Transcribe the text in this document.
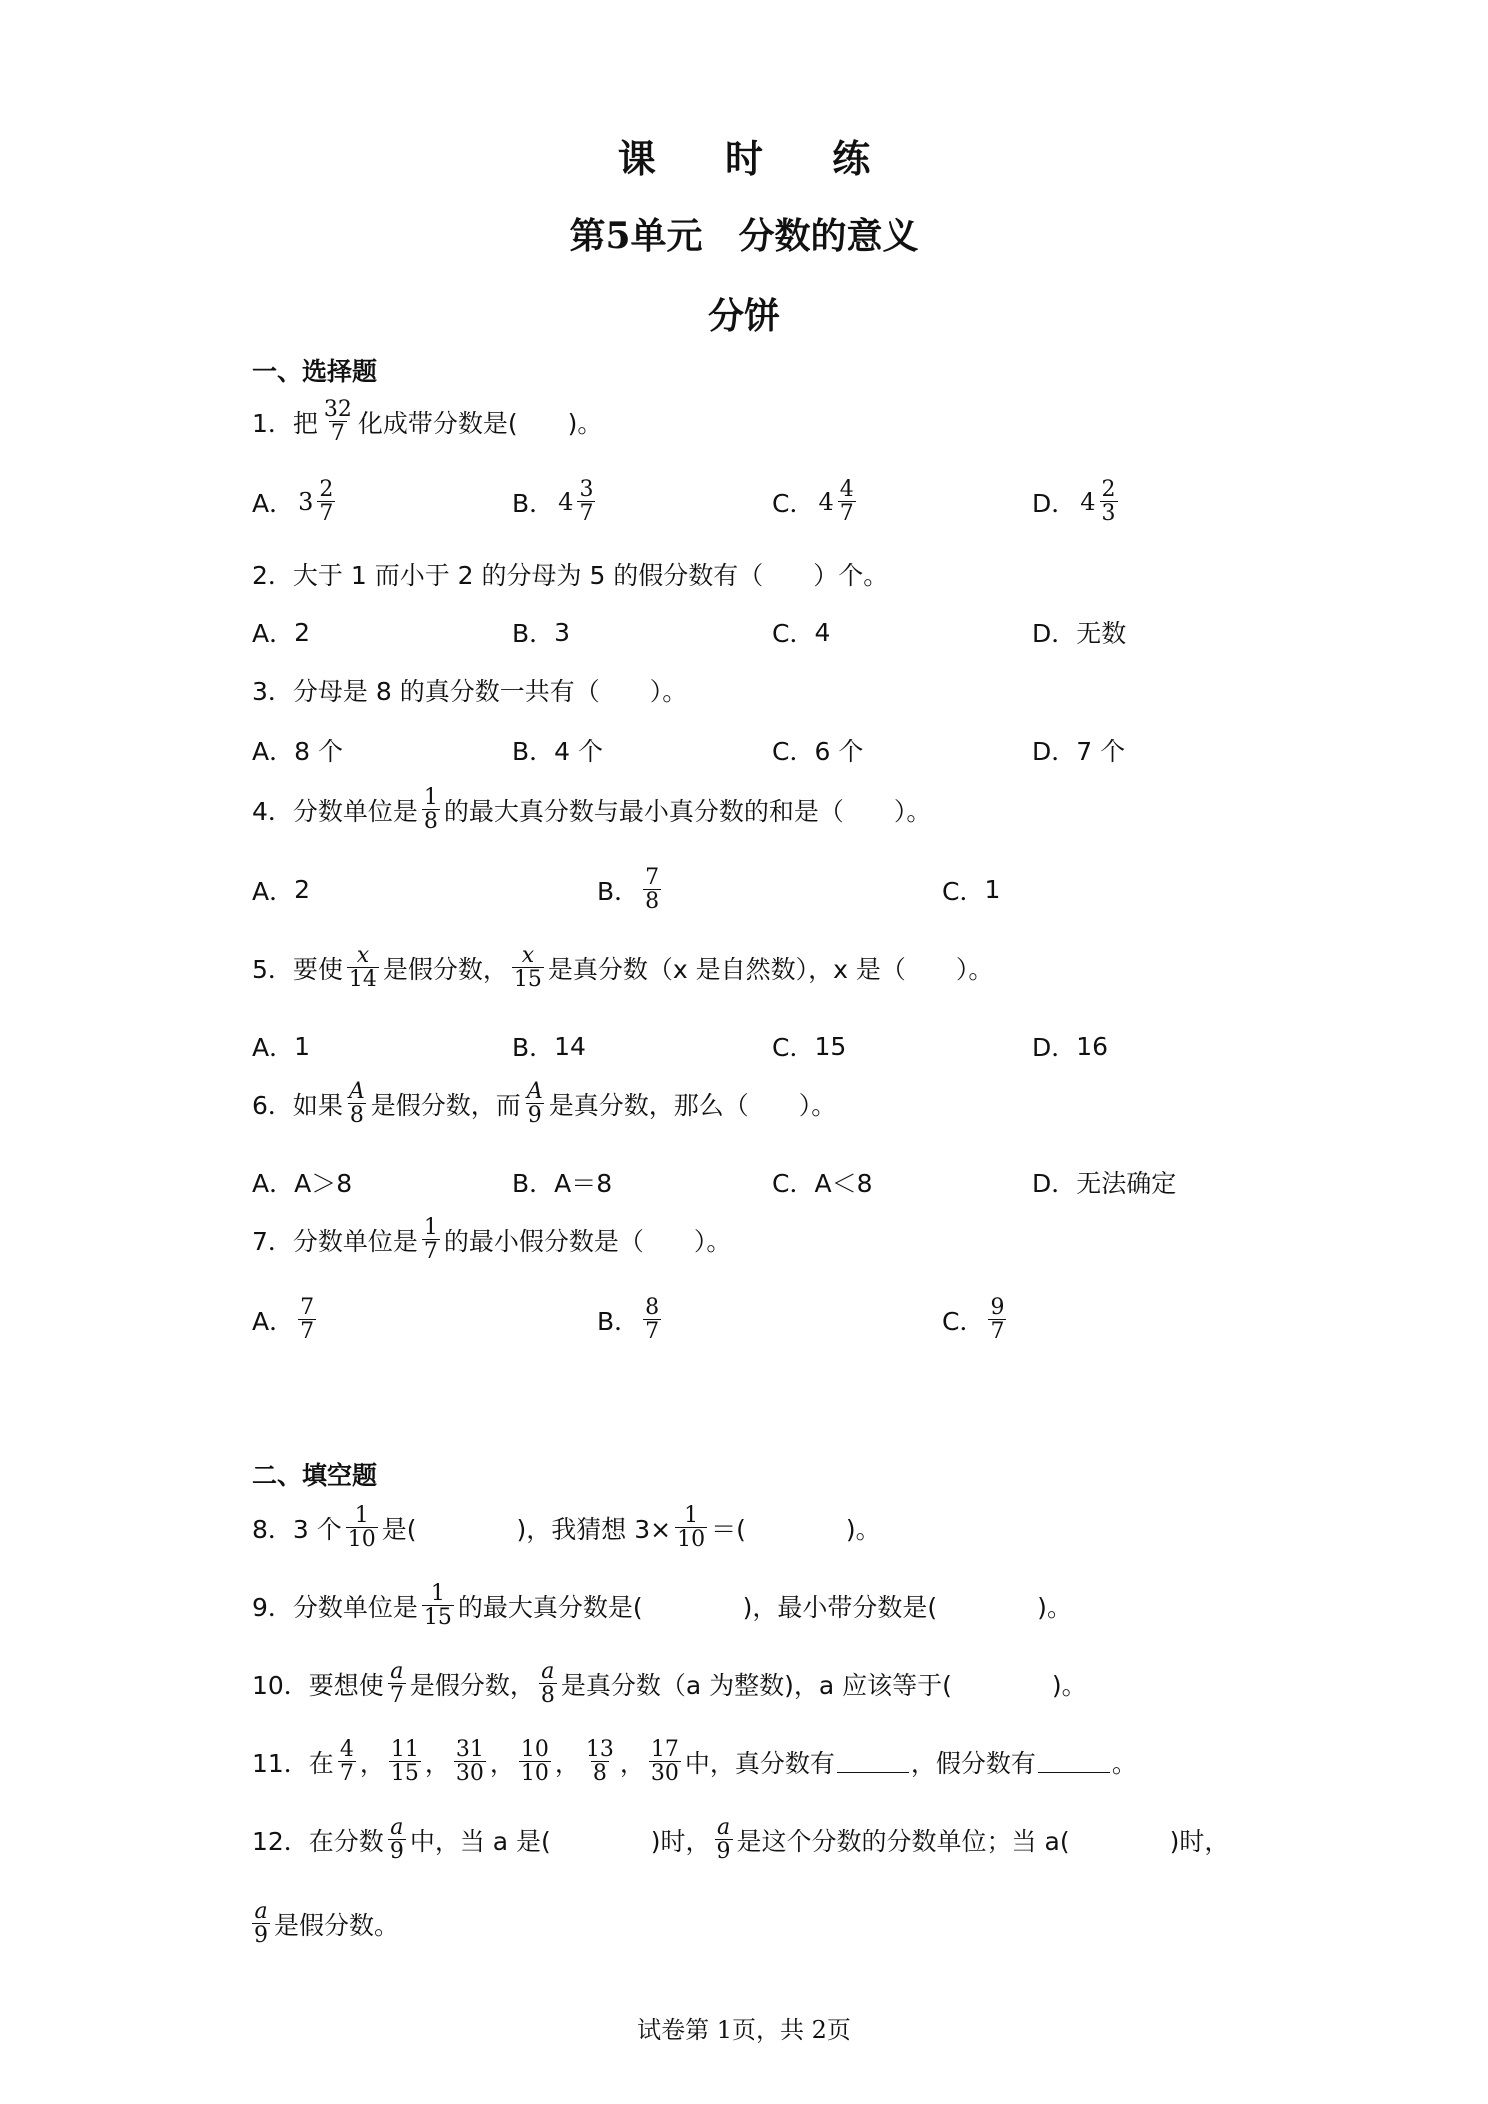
课 时 练
第5单元　分数的意义
分饼
一、选择题
1．把 $\frac{32}{7}$ 化成带分数是(　　)。
A． $3 \frac{2}{7}$	B． $4 \frac{3}{7}$	C． $4 \frac{4}{7}$	D． $4 \frac{2}{3}$
2．大于 1 而小于 2 的分母为 5 的假分数有（　　）个。
A． 2	B． 3	C． 4	D． 无数
3．分母是 8 的真分数一共有（　　）。
A． 8 个	B． 4 个	C． 6 个	D． 7 个
4．分数单位是 $\frac{1}{8}$ 的最大真分数与最小真分数的和是（　　）。
A． 2	B． $\frac{7}{8}$	C． 1
5．要使 $\frac{x}{14}$ 是假分数， $\frac{x}{15}$ 是真分数（x 是自然数），x 是（　　）。
A． 1	B． 14	C． 15	D． 16
6．如果 $\frac{A}{8}$ 是假分数，而 $\frac{A}{9}$ 是真分数，那么（　　）。
A． A＞8	B． A＝8	C． A＜8	D． 无法确定
7．分数单位是 $\frac{1}{7}$ 的最小假分数是（　　）。
A． $\frac{7}{7}$	B． $\frac{8}{7}$	C． $\frac{9}{7}$
二、填空题
8．3 个 $\frac{1}{10}$ 是(　　　　)，我猜想 $3\times \frac{1}{10}$ ＝(　　　　)。
9．分数单位是 $\frac{1}{15}$ 的最大真分数是(　　　　)，最小带分数是(　　　　)。
10．要想使 $\frac{a}{7}$ 是假分数， $\frac{a}{8}$ 是真分数（a 为整数)，a 应该等于(　　　　)。
11．在 $\frac{4}{7}$ ， $\frac{11}{15}$ ， $\frac{31}{30}$ ， $\frac{10}{10}$ ， $\frac{13}{8}$ ， $\frac{17}{30}$ 中，真分数有	，假分数有	。
12．在分数 $\frac{a}{9}$ 中，当 a 是(　　　　)时， $\frac{a}{9}$ 是这个分数的分数单位；当 a(　　　　)时，
$\frac{a}{9}$ 是假分数。
试卷第 1页，共 2页
